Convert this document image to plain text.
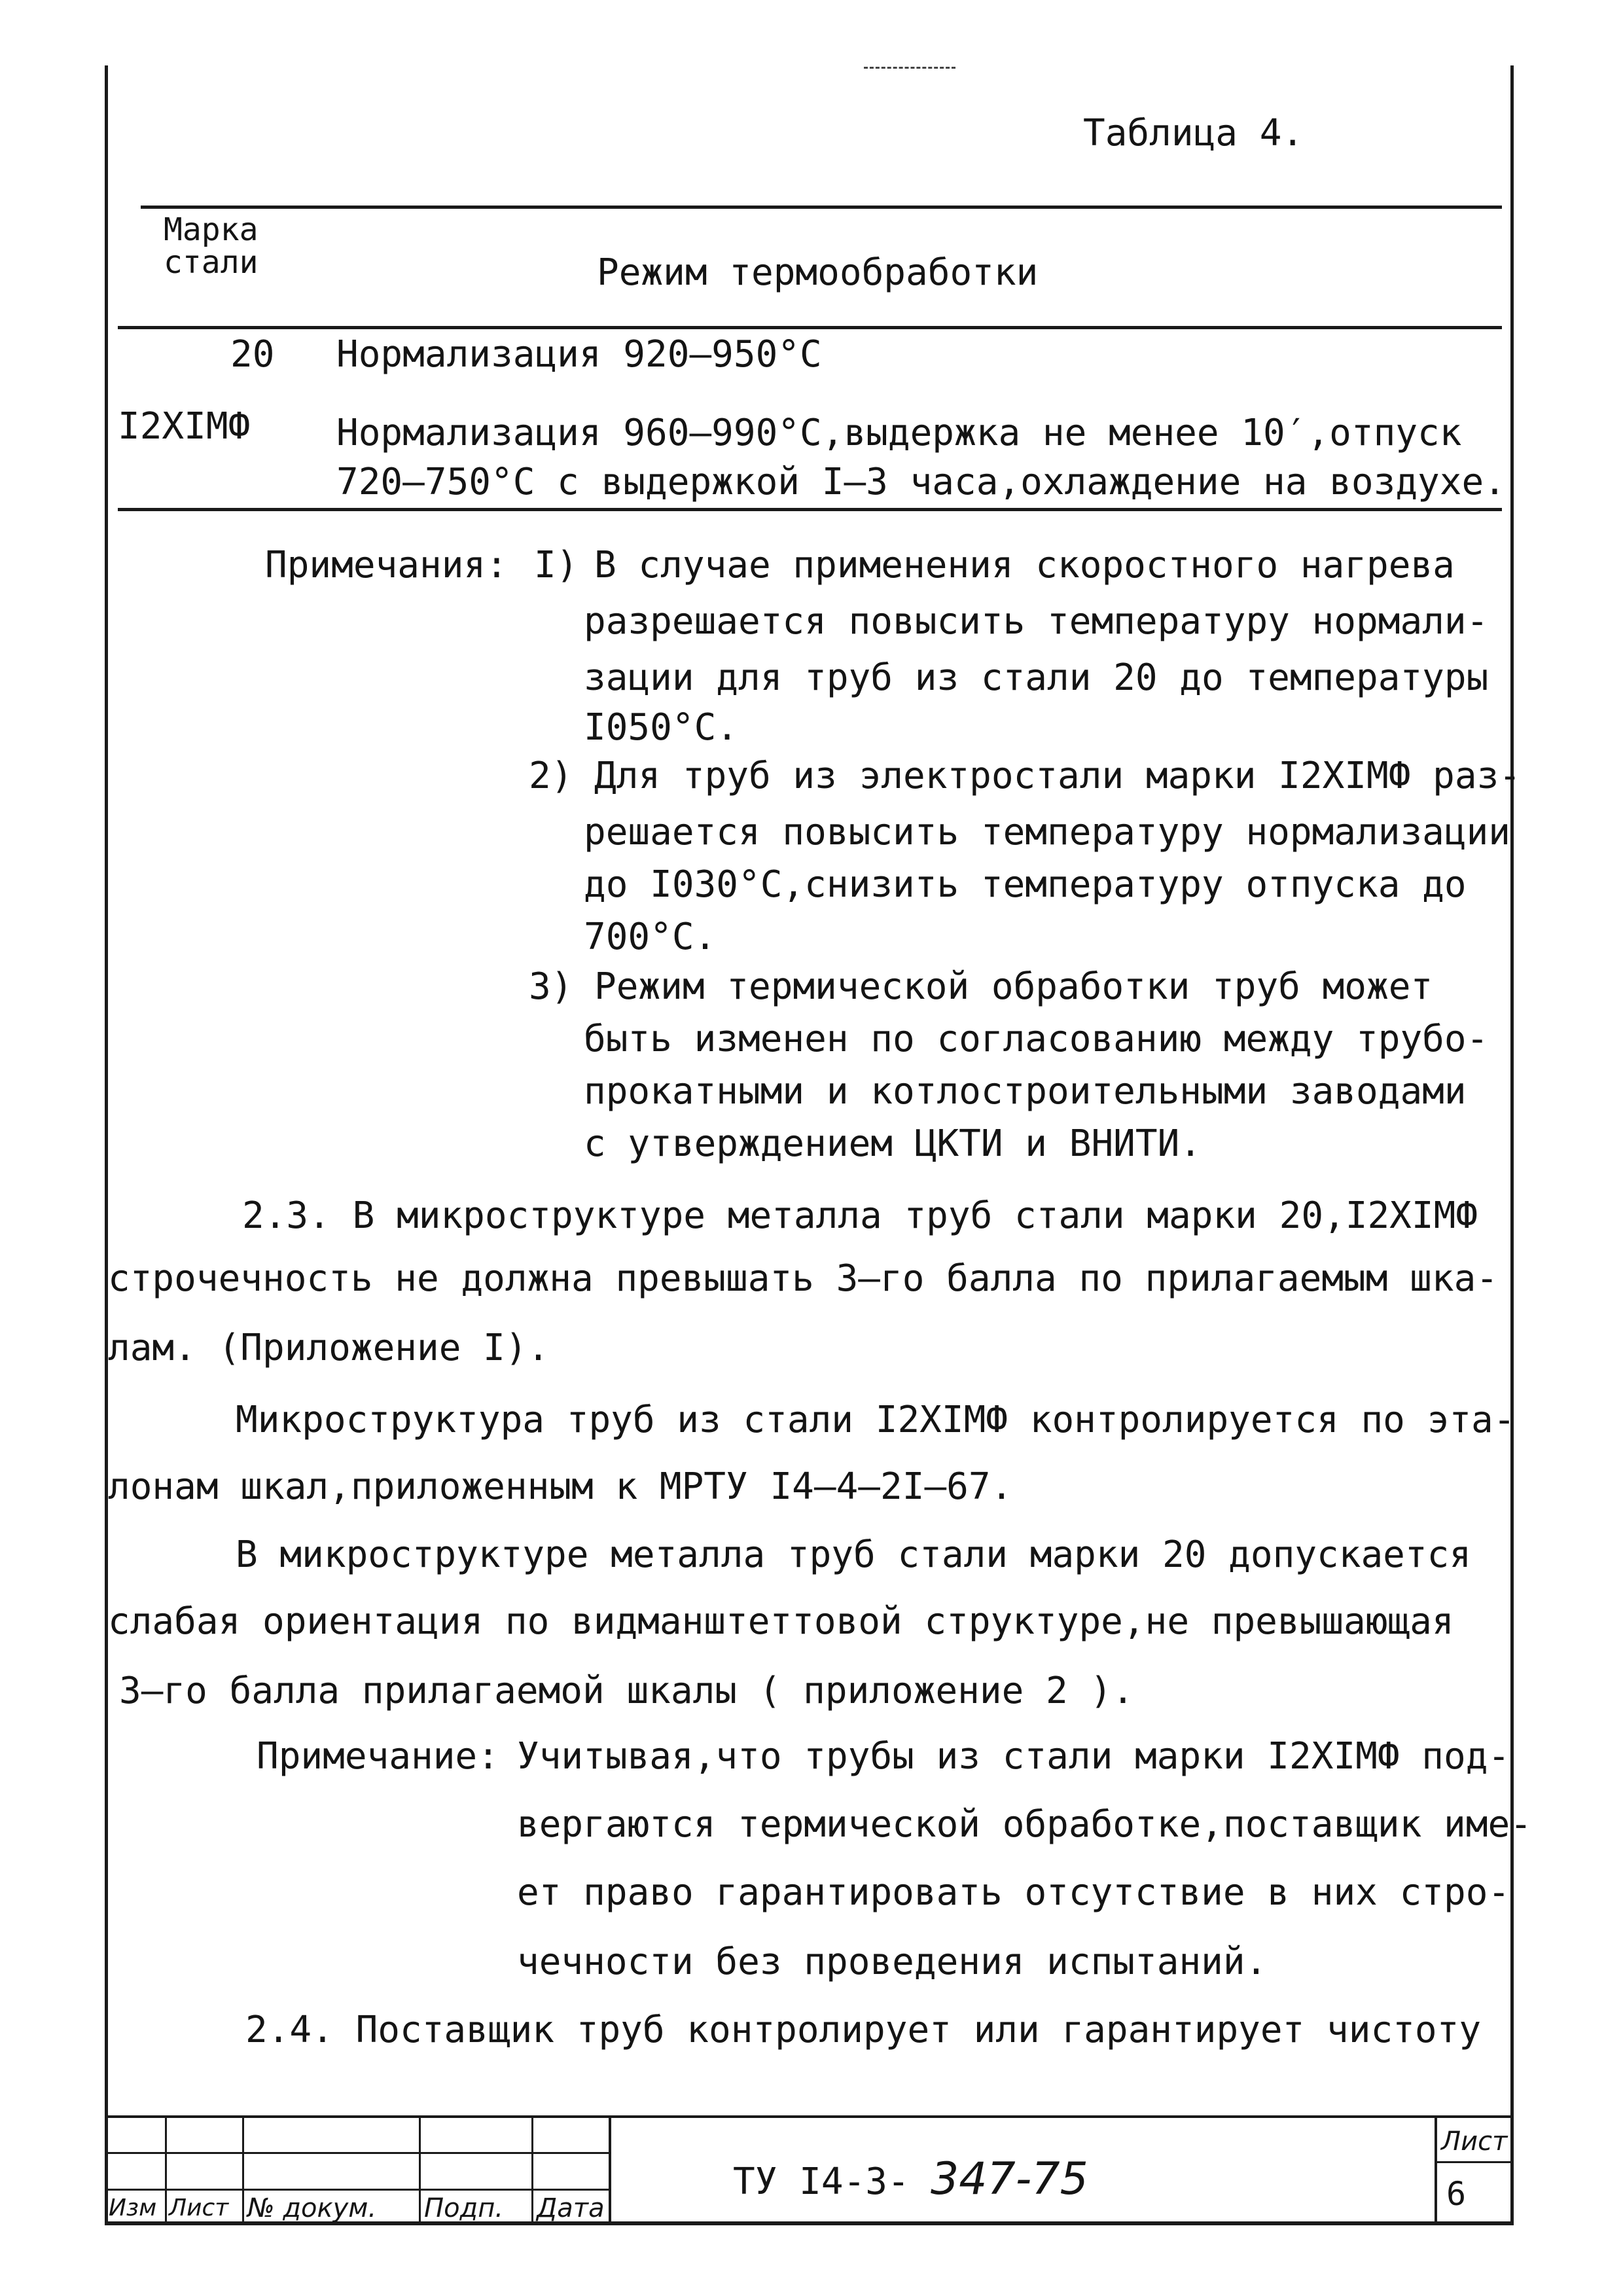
Таблица 4.
Марка
стали	Режим термообработки
20 Нормализация 920–950°С
I2XIМФ Нормализация 960–990°С,выдержка не менее 10′,отпуск
720–750°С с выдержкой I–3 часа,охлаждение на воздухе.
Примечания: I) В случае применения скоростного нагрева
разрешается повысить температуру нормали-
зации для труб из стали 20 до температуры
I050°С.
2) Для труб из электростали марки I2XIМФ раз-
решается повысить температуру нормализации
до I030°С,снизить температуру отпуска до
700°С.
3) Режим термической обработки труб может
быть изменен по согласованию между трубо-
прокатными и котлостроительными заводами
с утверждением ЦКТИ и ВНИТИ.
2.3. В микроструктуре металла труб стали марки 20,I2XIМФ
строчечность не должна превышать 3–го балла по прилагаемым шка-
лам. (Приложение I).
Микроструктура труб из стали I2XIМФ контролируется по эта-
лонам шкал,приложенным к МРТУ I4–4–2I–67.
В микроструктуре металла труб стали марки 20 допускается
слабая ориентация по видманштеттовой структуре,не превышающая
3–го балла прилагаемой шкалы ( приложение 2 ).
Примечание: Учитывая,что трубы из стали марки I2XIМФ под-
вергаются термической обработке,поставщик име-
ет право гарантировать отсутствие в них стро-
чечности без проведения испытаний.
2.4. Поставщик труб контролирует или гарантирует чистоту
Изм Лист № докум. Подп. Дата
ТУ I4-3- 347-75
Лист
6
